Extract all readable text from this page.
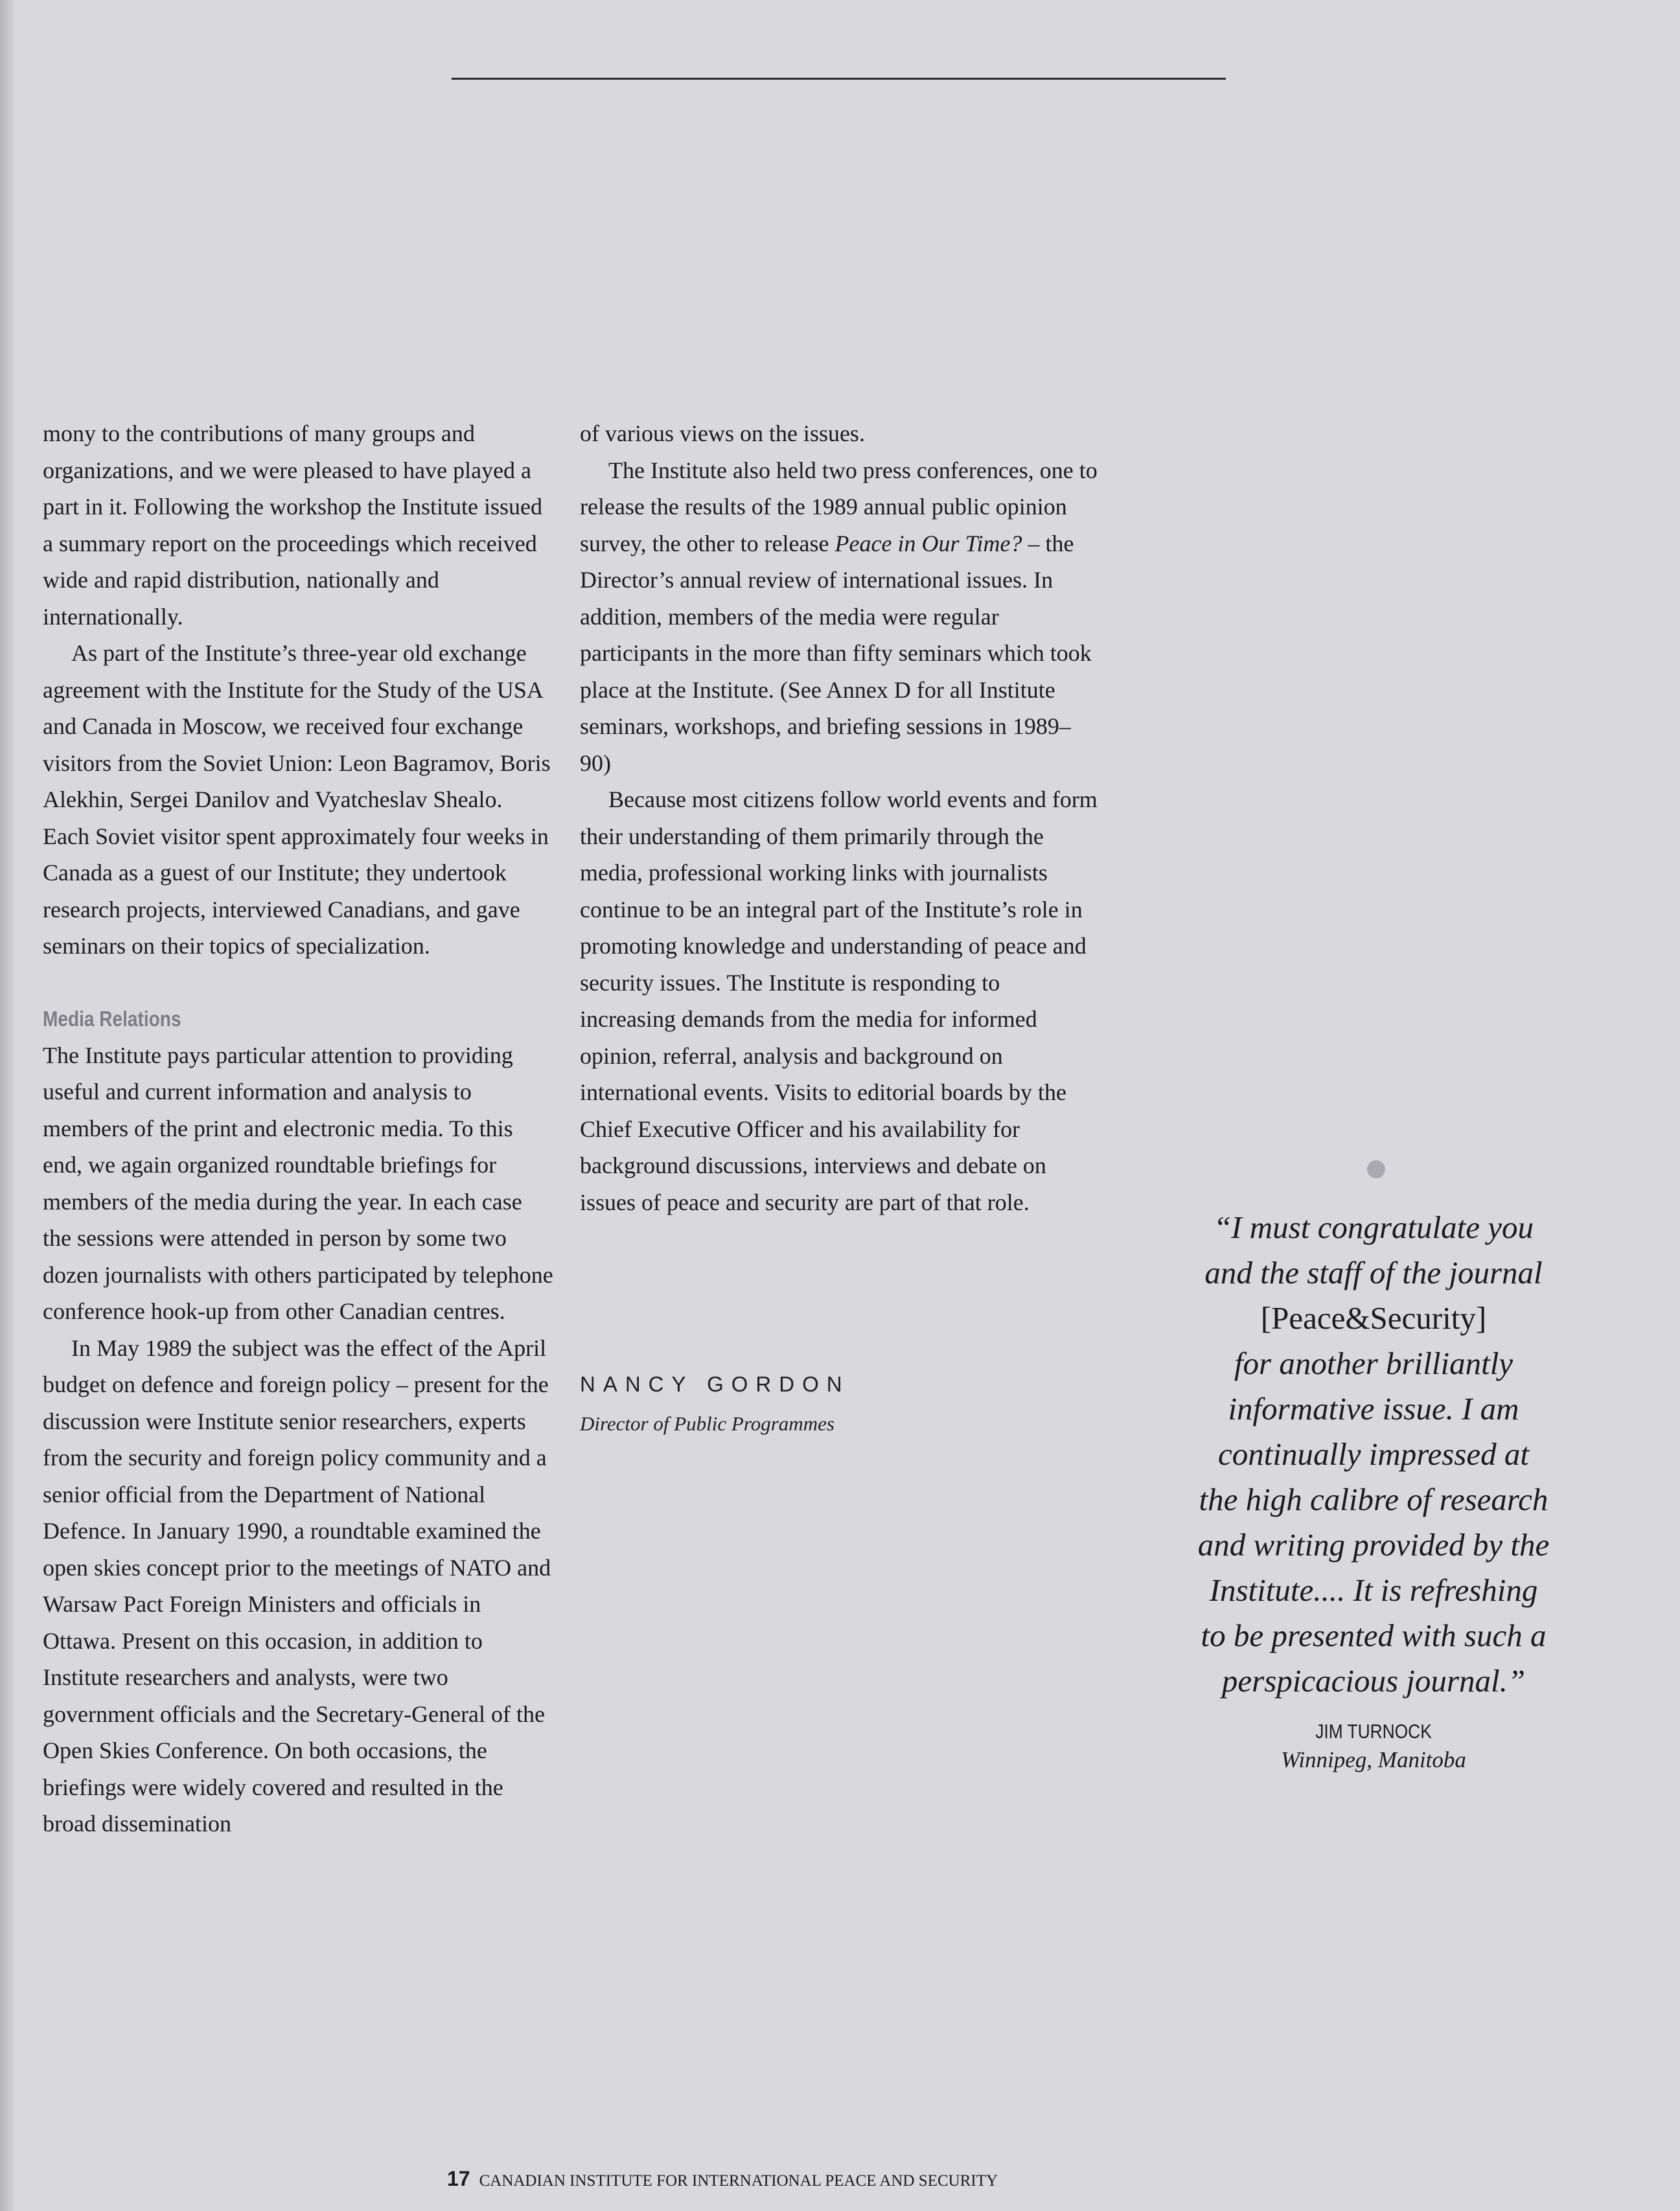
mony to the contributions of many groups and organizations, and we were pleased to have played a part in it. Following the workshop the Institute issued a summary report on the proceedings which received wide and rapid distribution, nationally and internationally.

As part of the Institute’s three-year old exchange agreement with the Institute for the Study of the USA and Canada in Moscow, we received four exchange visitors from the Soviet Union: Leon Bagramov, Boris Alekhin, Sergei Danilov and Vyatcheslav Shealo. Each Soviet visitor spent approximately four weeks in Canada as a guest of our Institute; they undertook research projects, interviewed Canadians, and gave seminars on their topics of specialization.

Media Relations

The Institute pays particular attention to providing useful and current information and analysis to members of the print and electronic media. To this end, we again organized roundtable briefings for members of the media during the year. In each case the sessions were attended in person by some two dozen journalists with others participated by telephone conference hook-up from other Canadian centres.

In May 1989 the subject was the effect of the April budget on defence and foreign policy – present for the discussion were Institute senior researchers, experts from the security and foreign policy community and a senior official from the Department of National Defence. In January 1990, a roundtable examined the open skies concept prior to the meetings of NATO and Warsaw Pact Foreign Ministers and officials in Ottawa. Present on this occasion, in addition to Institute researchers and analysts, were two government officials and the Secretary-General of the Open Skies Conference. On both occasions, the briefings were widely covered and resulted in the broad dissemination

of various views on the issues.

The Institute also held two press conferences, one to release the results of the 1989 annual public opinion survey, the other to release Peace in Our Time? – the Director’s annual review of international issues. In addition, members of the media were regular participants in the more than fifty seminars which took place at the Institute. (See Annex D for all Institute seminars, workshops, and briefing sessions in 1989–90)

Because most citizens follow world events and form their understanding of them primarily through the media, professional working links with journalists continue to be an integral part of the Institute’s role in promoting knowledge and understanding of peace and security issues. The Institute is responding to increasing demands from the media for informed opinion, referral, analysis and background on international events. Visits to editorial boards by the Chief Executive Officer and his availability for background discussions, interviews and debate on issues of peace and security are part of that role.

NANCY GORDON
Director of Public Programmes
“I must congratulate you
and the staff of the journal
[Peace&Security]
for another brilliantly
informative issue. I am
continually impressed at
the high calibre of research
and writing provided by the
Institute.... It is refreshing
to be presented with such a
perspicacious journal.”
JIM TURNOCK
Winnipeg, Manitoba
17 CANADIAN INSTITUTE FOR INTERNATIONAL PEACE AND SECURITY
